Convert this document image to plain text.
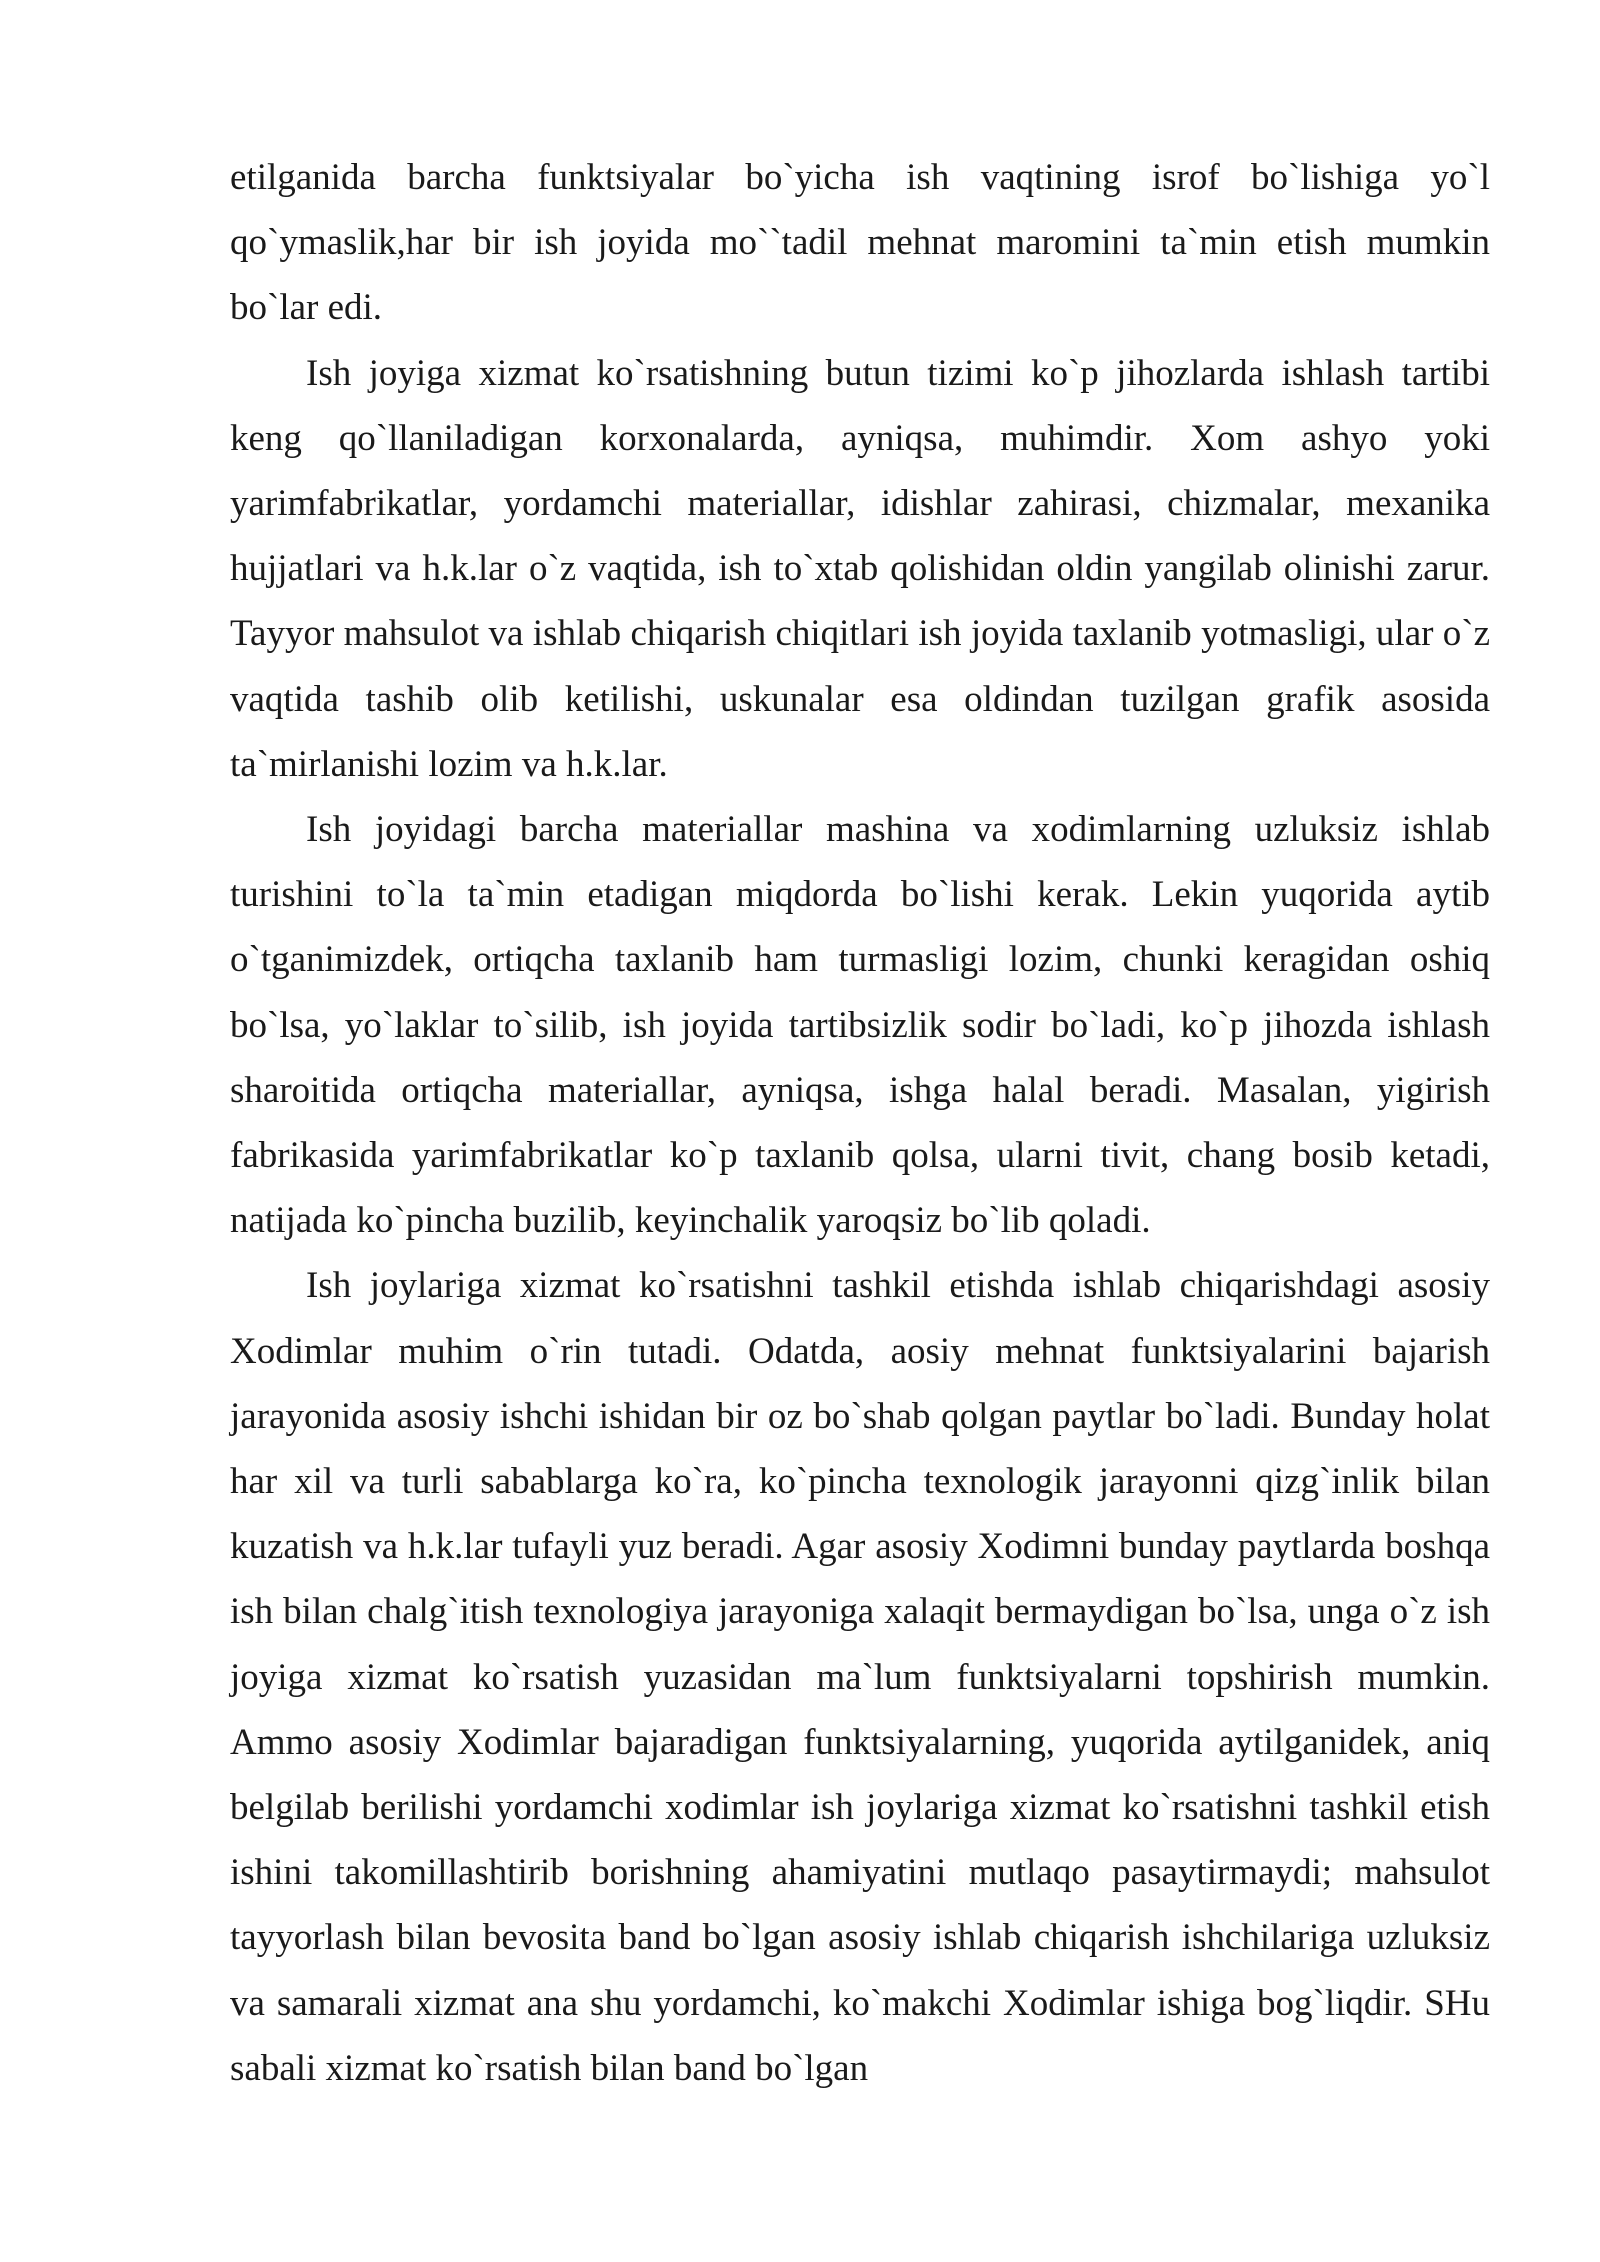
etilganida barcha funktsiyalar bo`yicha ish vaqtining isrof bo`lishiga yo`l qo`ymaslik,har bir ish joyida mo``tadil mehnat maromini ta`min etish mumkin bo`lar edi.

Ish joyiga xizmat ko`rsatishning butun tizimi ko`p jihozlarda ishlash tartibi keng qo`llaniladigan korxonalarda, ayniqsa, muhimdir. Xom ashyo yoki yarimfabrikatlar, yordamchi materiallar, idishlar zahirasi, chizmalar, mexanika hujjatlari va h.k.lar o`z vaqtida, ish to`xtab qolishidan oldin yangilab olinishi zarur. Tayyor mahsulot va ishlab chiqarish chiqitlari ish joyida taxlanib yotmasligi, ular o`z vaqtida tashib olib ketilishi, uskunalar esa oldindan tuzilgan grafik asosida ta`mirlanishi lozim va h.k.lar.

Ish joyidagi barcha materiallar mashina va xodimlarning uzluksiz ishlab turishini to`la ta`min etadigan miqdorda bo`lishi kerak. Lekin yuqorida aytib o`tganimizdek, ortiqcha taxlanib ham turmasligi lozim, chunki keragidan oshiq bo`lsa, yo`laklar to`silib, ish joyida tartibsizlik sodir bo`ladi, ko`p jihozda ishlash sharoitida ortiqcha materiallar, ayniqsa, ishga halal beradi. Masalan, yigirish fabrikasida yarimfabrikatlar ko`p taxlanib qolsa, ularni tivit, chang bosib ketadi, natijada ko`pincha buzilib, keyinchalik yaroqsiz bo`lib qoladi.

Ish joylariga xizmat ko`rsatishni tashkil etishda ishlab chiqarishdagi asosiy Xodimlar muhim o`rin tutadi. Odatda, aosiy mehnat funktsiyalarini bajarish jarayonida asosiy ishchi ishidan bir oz bo`shab qolgan paytlar bo`ladi. Bunday holat har xil va turli sabablarga ko`ra, ko`pincha texnologik jarayonni qizg`inlik bilan kuzatish va h.k.lar tufayli yuz beradi. Agar asosiy Xodimni bunday paytlarda boshqa ish bilan chalg`itish texnologiya jarayoniga xalaqit bermaydigan bo`lsa, unga o`z ish joyiga xizmat ko`rsatish yuzasidan ma`lum funktsiyalarni topshirish mumkin. Ammo asosiy Xodimlar bajaradigan funktsiyalarning, yuqorida aytilganidek, aniq belgilab berilishi yordamchi xodimlar ish joylariga xizmat ko`rsatishni tashkil etish ishini takomillashtirib borishning ahamiyatini mutlaqo pasaytirmaydi; mahsulot tayyorlash bilan bevosita band bo`lgan asosiy ishlab chiqarish ishchilariga uzluksiz va samarali xizmat ana shu yordamchi, ko`makchi Xodimlar ishiga bog`liqdir. SHu sabali xizmat ko`rsatish bilan band bo`lgan
